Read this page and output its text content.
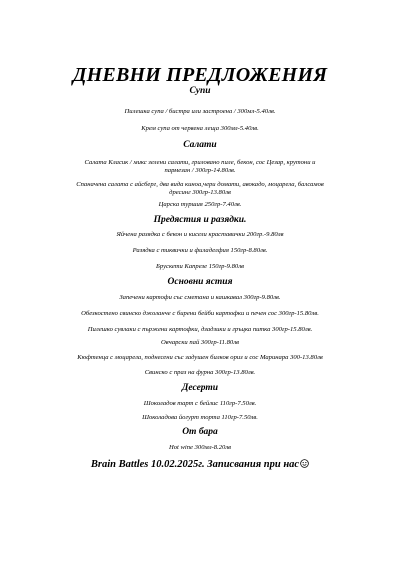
ДНЕВНИ ПРЕДЛОЖЕНИЯ
Супи
Пилешка супа / бистра или застроена / 300мл-5.40лв.
Крем супа от червена леща 300мл-5.40лв.
Салати
Салата Класик / микс зелени салати, грилoвано пиле, бекон, сос Цезар, крутони и
пармезан / 300гр-14.80лв.
Спаначена салата с айсберг, два вида киноа,чери домати, авокадо, моцарела, балсамов
дресинг 300гр-13.80лв
Царска туршия 250гр-7.40лв.
Предястия и разядки.
Яйчена разядка с бекон и кисели краставички 200гр.-9.80лв
Разядка с тиквички и филаделфия 150гр-8.80лв.
Брускети Капрезе 150гр-9.80лв
Основни ястия
Запечени картофи със сметана и кашкавал 300гр-9.80лв.
Обезкостено свинско джоланче с бирени бейби картофки и печен сос 300гр-15.80лв.
Пилешко сувлаки с пържени картофки, дзадзики и гръцка питка 300гр-15.80лв.
Овчарски пай 300гр-11.80лв
Кюфтенца с моцарела, поднесени със задушен билков ориз и сос Маринара 300-13.80лв
Свинско с праз на фурна 300гр-13.80лв.
Десерти
Шоколадов тарт с бейлис 110гр-7.50лв.
Шоколадова йогурт торта 110гр-7.50лв.
От бара
Hot wine 300мл-8.20лв
Brain Battles 10.02.2025г. Записвания при нас
